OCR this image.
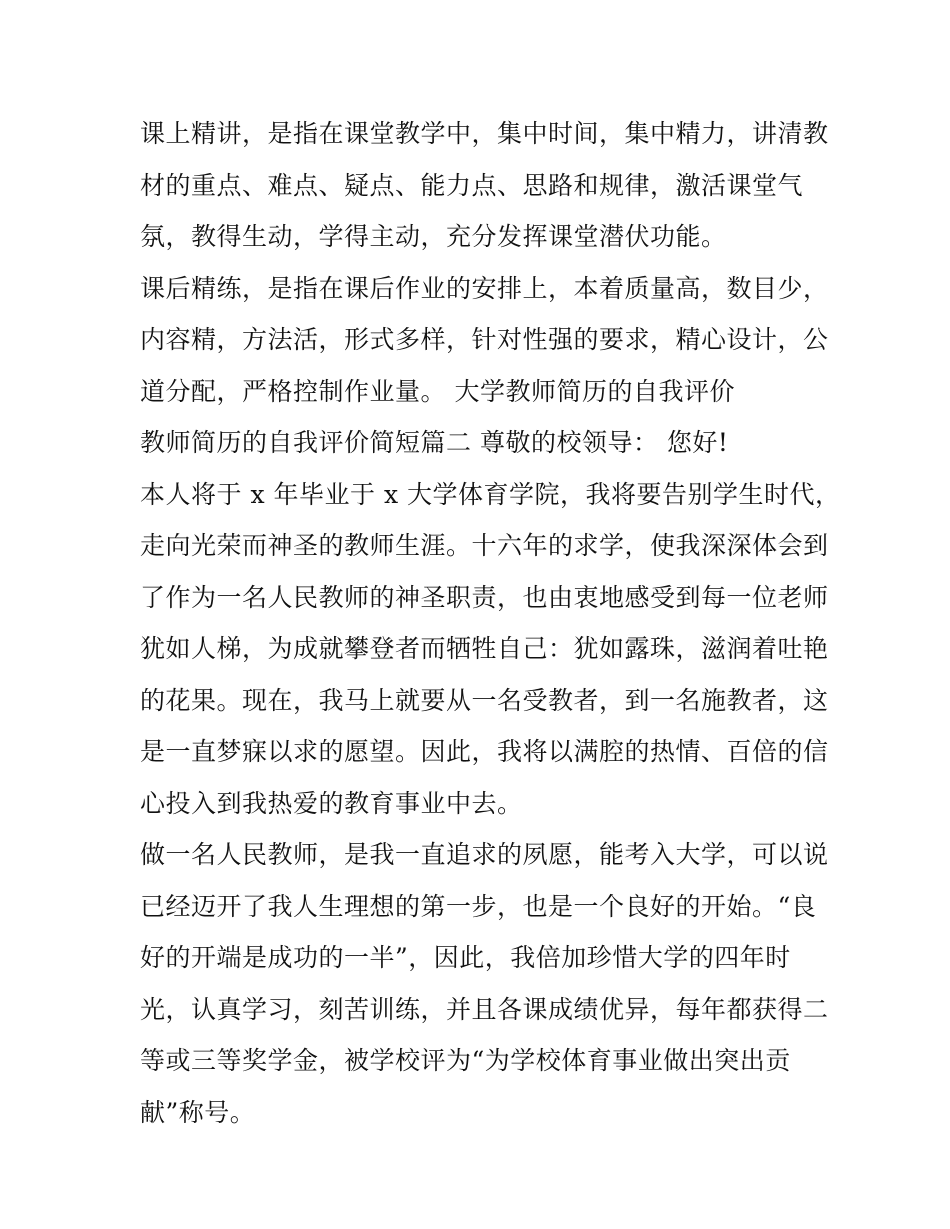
课上精讲，是指在课堂教学中，集中时间，集中精力，讲清教

材的重点、难点、疑点、能力点、思路和规律，激活课堂气

氛，教得生动，学得主动，充分发挥课堂潜伏功能。

课后精练，是指在课后作业的安排上，本着质量高，数目少，

内容精，方法活，形式多样，针对性强的要求，精心设计，公

道分配，严格控制作业量。 大学教师简历的自我评价

教师简历的自我评价简短篇二 尊敬的校领导： 您好!

本人将于 x 年毕业于 x 大学体育学院，我将要告别学生时代，

走向光荣而神圣的教师生涯。十六年的求学，使我深深体会到

了作为一名人民教师的神圣职责，也由衷地感受到每一位老师

犹如人梯，为成就攀登者而牺牲自己：犹如露珠，滋润着吐艳

的花果。现在，我马上就要从一名受教者，到一名施教者，这

是一直梦寐以求的愿望。因此，我将以满腔的热情、百倍的信

心投入到我热爱的教育事业中去。

做一名人民教师，是我一直追求的夙愿，能考入大学，可以说

已经迈开了我人生理想的第一步，也是一个良好的开始。“良

好的开端是成功的一半”，因此，我倍加珍惜大学的四年时

光，认真学习，刻苦训练，并且各课成绩优异，每年都获得二

等或三等奖学金，被学校评为“为学校体育事业做出突出贡

献”称号。
